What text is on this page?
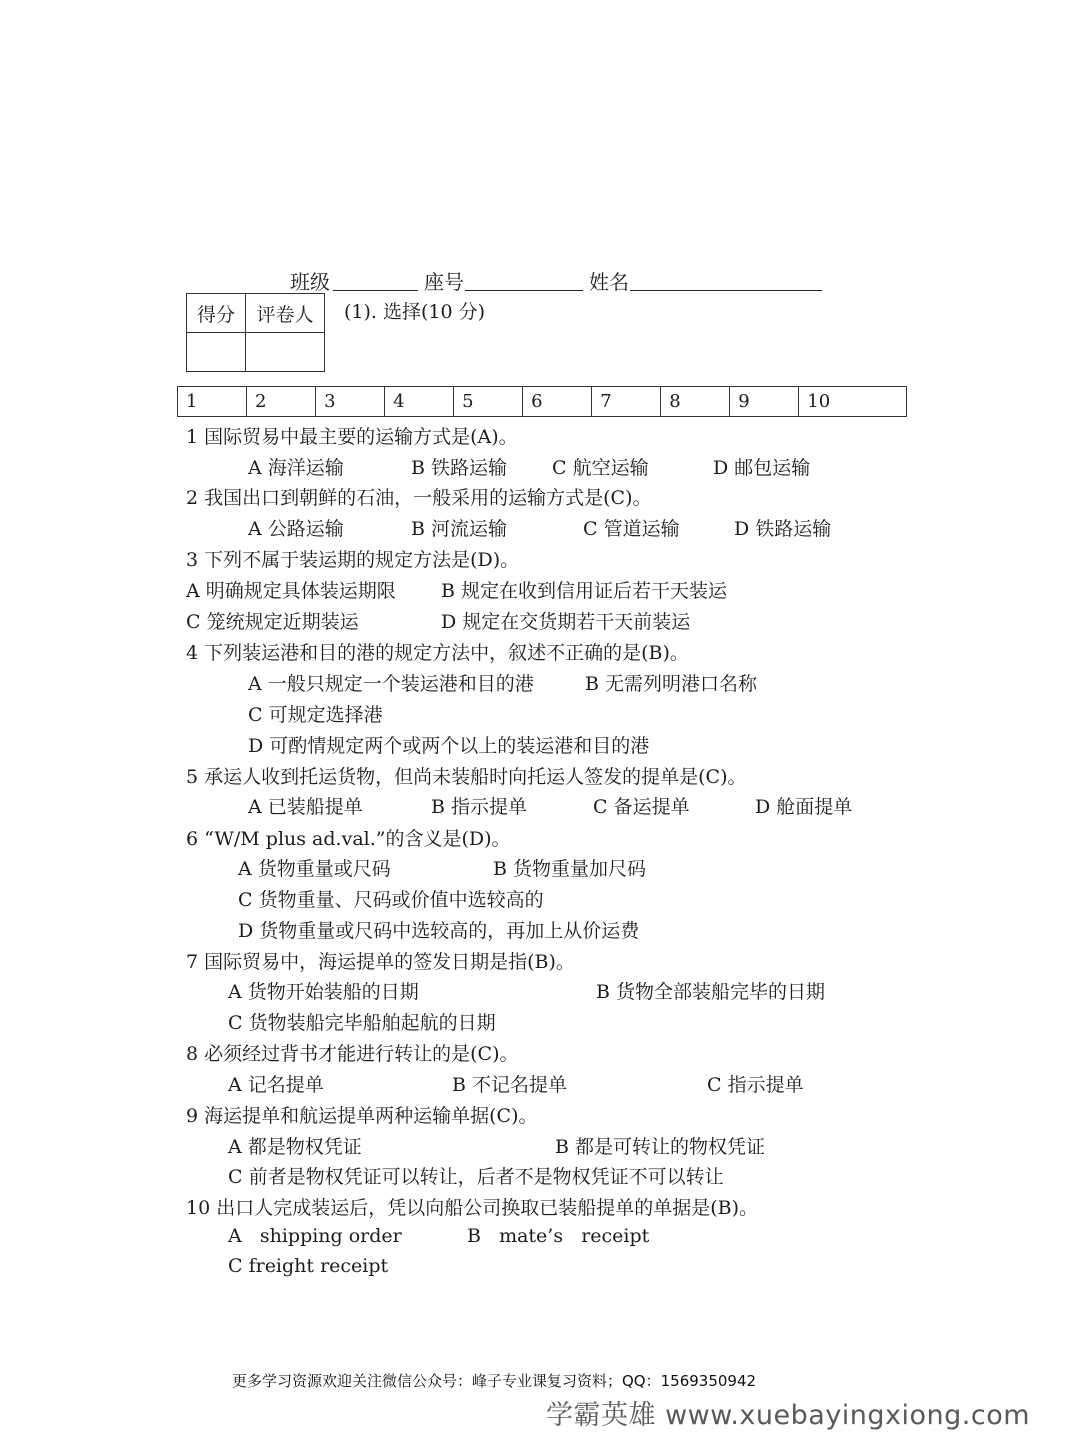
班级	座号	姓名
得分	评卷人
	(1). 选择(10 分)
1	2	3	4	5	6	7	8	9	10
1 国际贸易中最主要的运输方式是(A)。
A 海洋运输	B 铁路运输 C 航空运输	D 邮包运输
2 我国出口到朝鲜的石油，一般采用的运输方式是(C)。
A 公路运输	B 河流运输	C 管道运输	D 铁路运输
3 下列不属于装运期的规定方法是(D)。
A 明确规定具体装运期限 B 规定在收到信用证后若干天装运
C 笼统规定近期装运	D 规定在交货期若干天前装运
4 下列装运港和目的港的规定方法中，叙述不正确的是(B)。
A 一般只规定一个装运港和目的港	B 无需列明港口名称
C 可规定选择港
D 可酌情规定两个或两个以上的装运港和目的港
5 承运人收到托运货物，但尚未装船时向托运人签发的提单是(C)。
A 已装船提单	B 指示提单	C 备运提单	D 舱面提单
6 “W/M plus ad.val.”的含义是(D)。
A 货物重量或尺码	B 货物重量加尺码
C 货物重量、尺码或价值中选较高的
D 货物重量或尺码中选较高的，再加上从价运费
7 国际贸易中，海运提单的签发日期是指(B)。
A 货物开始装船的日期	B 货物全部装船完毕的日期
C 货物装船完毕船舶起航的日期
8 必须经过背书才能进行转让的是(C)。
A 记名提单	B 不记名提单	C 指示提单
9 海运提单和航运提单两种运输单据(C)。
A 都是物权凭证	B 都是可转让的物权凭证
C 前者是物权凭证可以转让，后者不是物权凭证不可以转让
10 出口人完成装运后，凭以向船公司换取已装船提单的单据是(B)。
A   shipping order	B   mate’s   receipt
C freight receipt
更多学习资源欢迎关注微信公众号：峰子专业课复习资料；QQ：1569350942
学霸英雄 www.xuebayingxiong.com
